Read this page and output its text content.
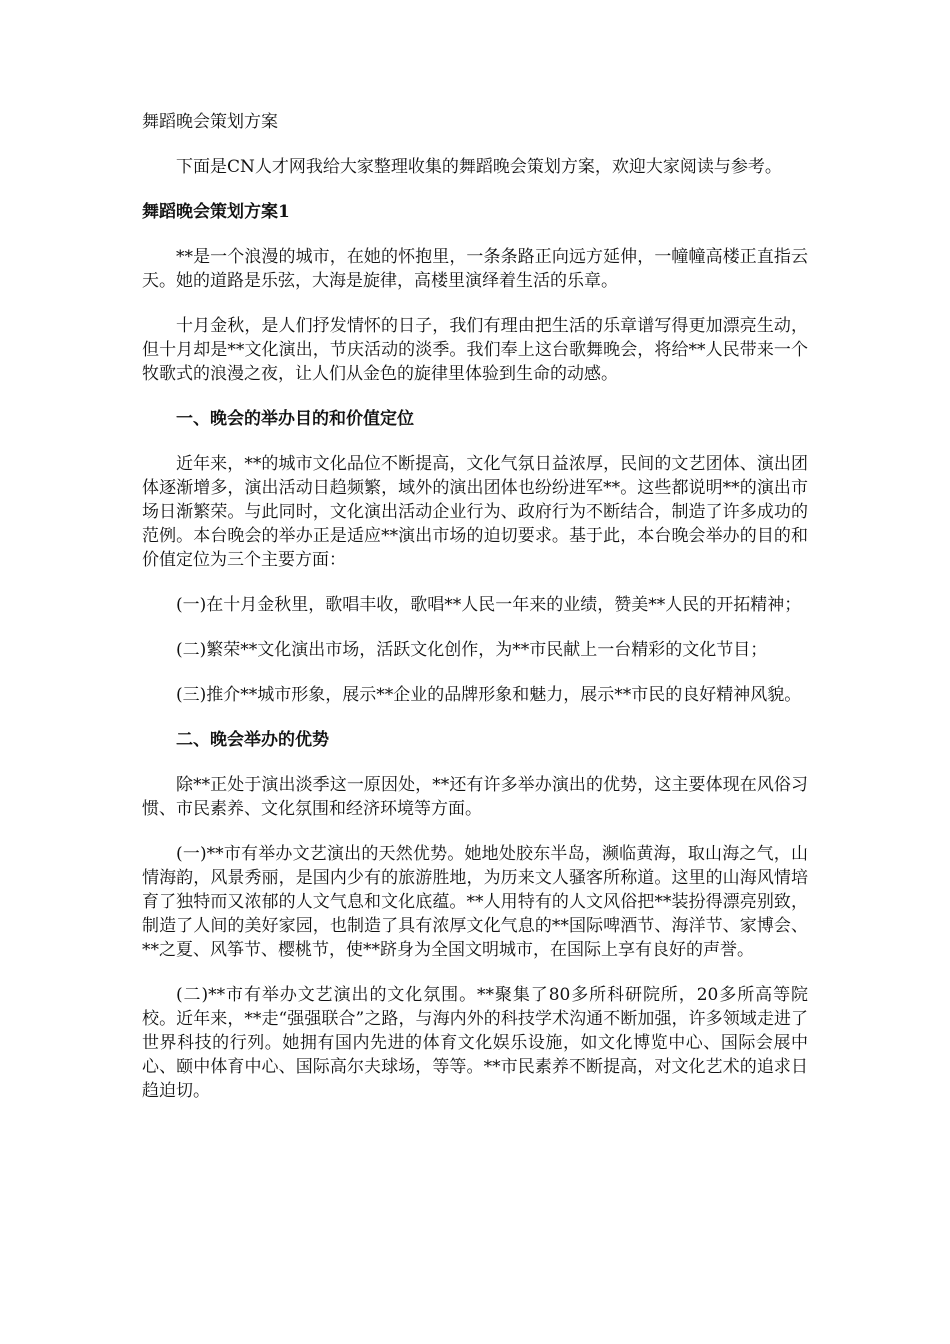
舞蹈晚会策划方案

下面是CN人才网我给大家整理收集的舞蹈晚会策划方案，欢迎大家阅读与参考。

舞蹈晚会策划方案1

**是一个浪漫的城市，在她的怀抱里，一条条路正向远方延伸，一幢幢高楼正直指云天。她的道路是乐弦，大海是旋律，高楼里演绎着生活的乐章。

十月金秋，是人们抒发情怀的日子，我们有理由把生活的乐章谱写得更加漂亮生动，但十月却是**文化演出，节庆活动的淡季。我们奉上这台歌舞晚会，将给**人民带来一个牧歌式的浪漫之夜，让人们从金色的旋律里体验到生命的动感。

一、晚会的举办目的和价值定位

近年来，**的城市文化品位不断提高，文化气氛日益浓厚，民间的文艺团体、演出团体逐渐增多，演出活动日趋频繁，域外的演出团体也纷纷进军**。这些都说明**的演出市场日渐繁荣。与此同时，文化演出活动企业行为、政府行为不断结合，制造了许多成功的范例。本台晚会的举办正是适应**演出市场的迫切要求。基于此，本台晚会举办的目的和价值定位为三个主要方面：

(一)在十月金秋里，歌唱丰收，歌唱**人民一年来的业绩，赞美**人民的开拓精神；

(二)繁荣**文化演出市场，活跃文化创作，为**市民献上一台精彩的文化节目；

(三)推介**城市形象，展示**企业的品牌形象和魅力，展示**市民的良好精神风貌。

二、晚会举办的优势

除**正处于演出淡季这一原因处，**还有许多举办演出的优势，这主要体现在风俗习惯、市民素养、文化氛围和经济环境等方面。

(一)**市有举办文艺演出的天然优势。她地处胶东半岛，濒临黄海，取山海之气，山情海韵，风景秀丽，是国内少有的旅游胜地，为历来文人骚客所称道。这里的山海风情培育了独特而又浓郁的人文气息和文化底蕴。**人用特有的人文风俗把**装扮得漂亮别致，制造了人间的美好家园，也制造了具有浓厚文化气息的**国际啤酒节、海洋节、家博会、**之夏、风筝节、樱桃节，使**跻身为全国文明城市，在国际上享有良好的声誉。

(二)**市有举办文艺演出的文化氛围。**聚集了80多所科研院所，20多所高等院校。近年来，**走“强强联合”之路，与海内外的科技学术沟通不断加强，许多领域走进了世界科技的行列。她拥有国内先进的体育文化娱乐设施，如文化博览中心、国际会展中心、颐中体育中心、国际高尔夫球场，等等。**市民素养不断提高，对文化艺术的追求日趋迫切。
